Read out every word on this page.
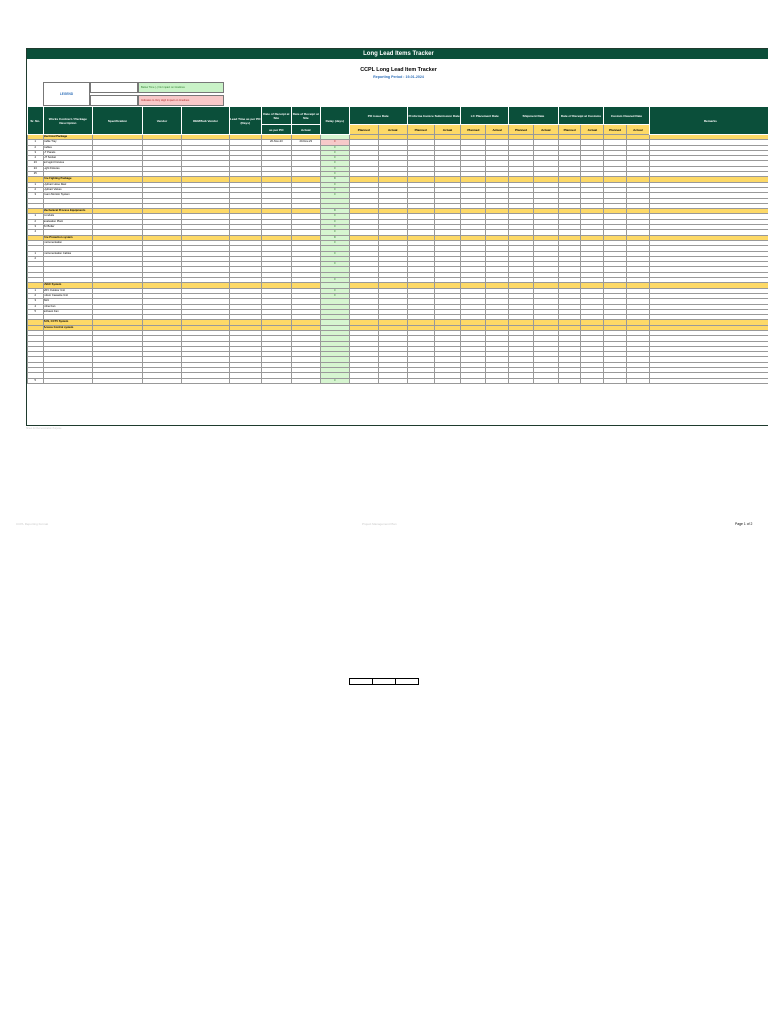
Long Lead Items Tracker
CCPL Long Lead Item Tracker
Reporting Period : 19-01-2024
LEGEND
Below Time (-) No Impact on timelines
Indicates to Very High Impact on timelines
Sr. No.	Works Contract / Package Description	Specification	Vendor	OEM/Sub Vendor	Lead Time as per PO (Days)	Date of Receipt at Site	Date of Receipt at Site	Delay (days)	PO issue Date		Proforma Invoice Submission Date		LC Placement Date		Shipment Date		Date of Receipt at Customs		Custom Cleared Date		Remarks
						as per PO	Actual		Planned	Actual	Planned	Actual	Planned	Actual	Planned	Actual	Planned	Actual	Planned	Actual	
	Electrical Package																				
1	Cable Tray					20-Nov-23	20-Nov-23	0													
2	Cables							0													
3	LT Panels							0													
4	HT Socket							0													
23	Ext'ugint Fixtures							0													
24	Light Fixtures							0													
25								0													
	Fire Fighting Package							0													
1	Hydrant Hose Reel							0													
2	Hydrant Valves							0													
3	Foam Monitor System							0													

	Mechanical Process Equipments							0													
1	Conduits							0													
2	Evaluation Plant							0													
3	Air Boiler							0													
4								0													
	Fire Protection system							0													
	Instrumentation							0													

1	Instrumentation Cables							0													
2																					
								0													

								0													
	HVAC System																				
1	VRV Outdoor Unit							0													
2	Indoor Cassette Unit							0													
3	AHU																				
4	Inline Fan																				
5	Exhaust Fan																				

	ACS, CCTV System																				
	Access Control system																				

5								0													
Sheet for Demonstration Purpose
CCPL Reporting Format	Project Management Plan	Page 1 of 2
